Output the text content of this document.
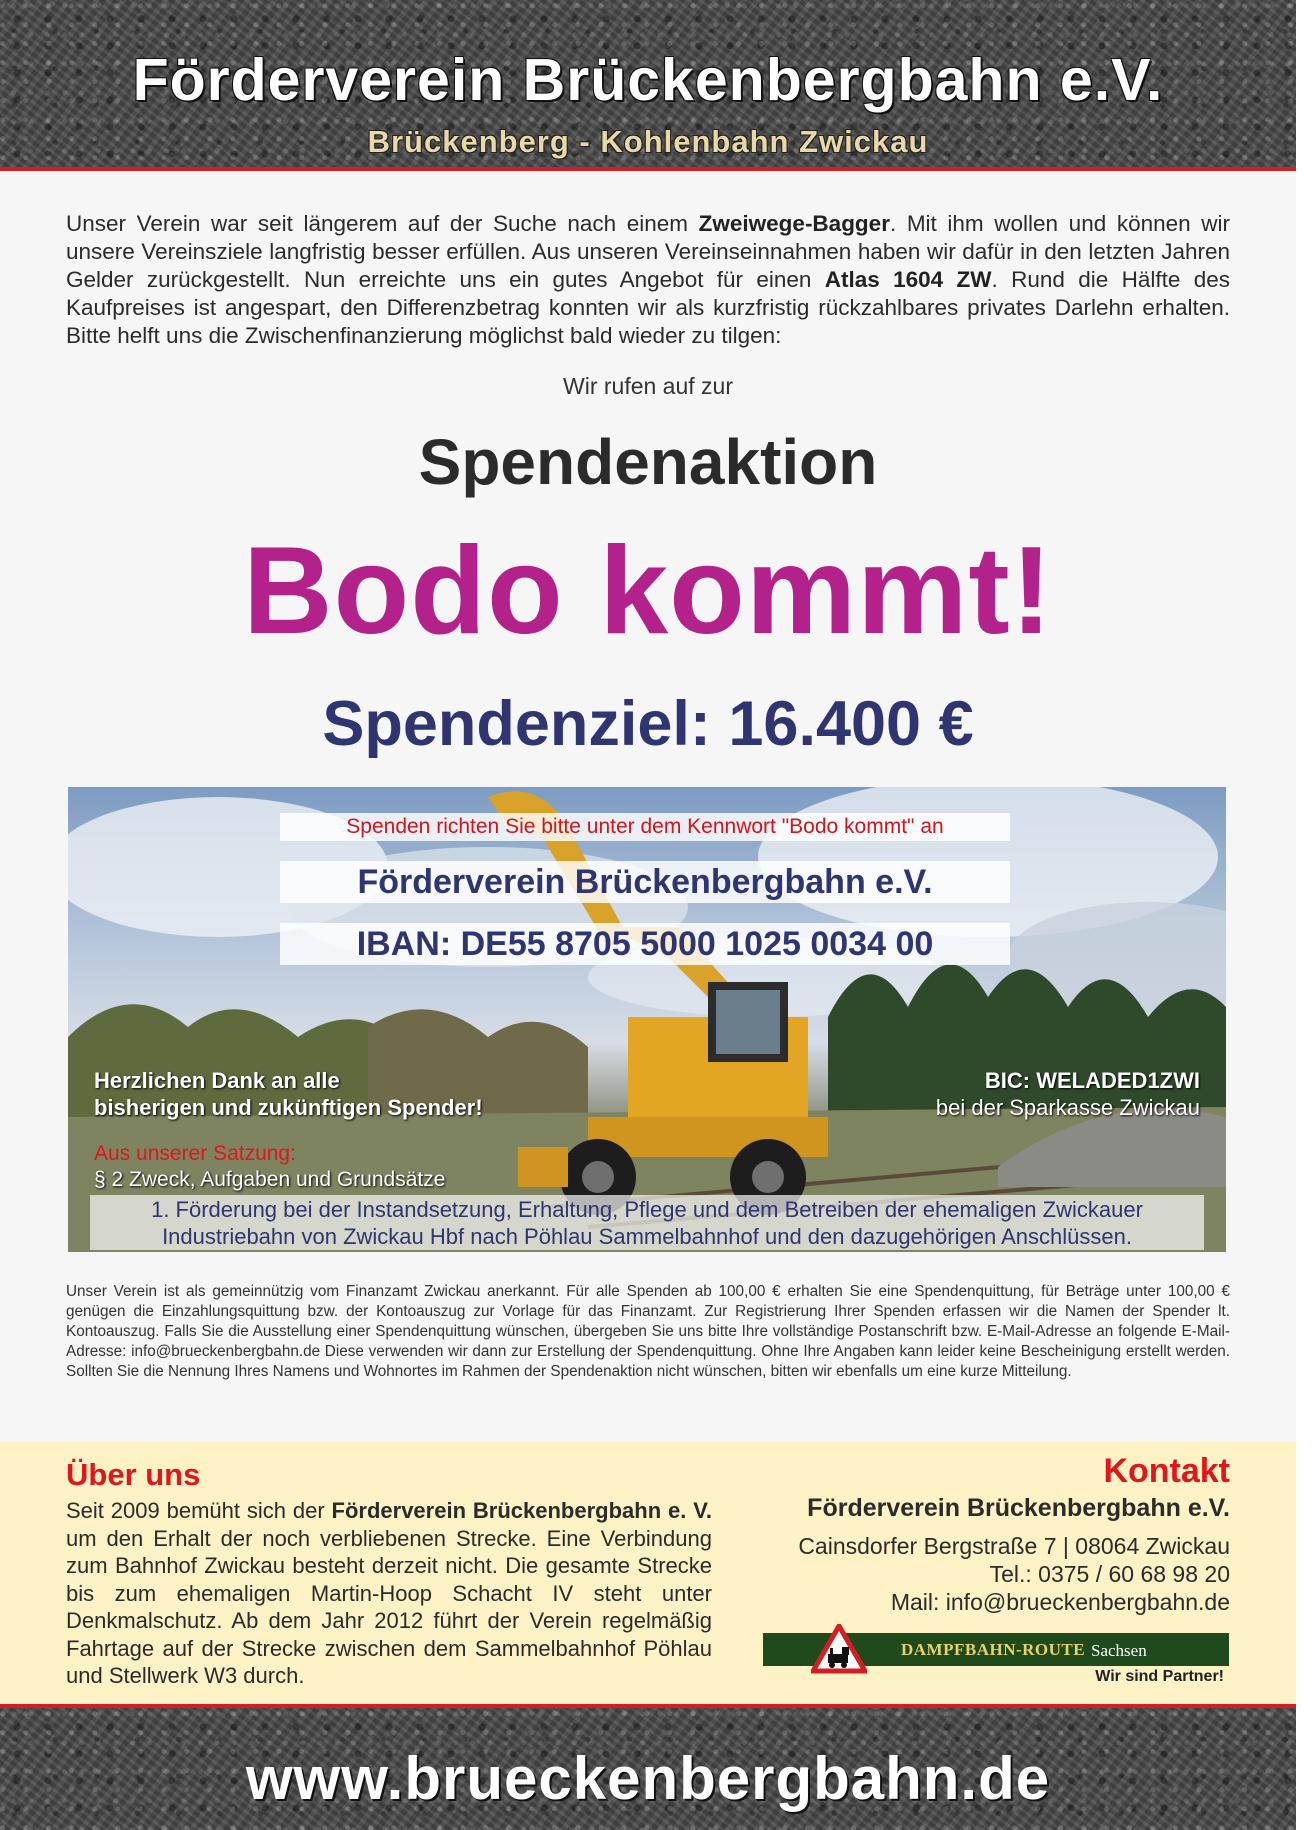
Förderverein Brückenbergbahn e.V.
Brückenberg - Kohlenbahn Zwickau

Unser Verein war seit längerem auf der Suche nach einem Zweiwege-Bagger. Mit ihm wollen und können wir unsere Vereinsziele langfristig besser erfüllen. Aus unseren Vereinseinnahmen haben wir dafür in den letzten Jahren Gelder zurückgestellt. Nun erreichte uns ein gutes Angebot für einen Atlas 1604 ZW. Rund die Hälfte des Kaufpreises ist angespart, den Differenzbetrag konnten wir als kurzfristig rückzahlbares privates Darlehn erhalten. Bitte helft uns die Zwischenfinanzierung möglichst bald wieder zu tilgen:

Wir rufen auf zur
Spendenaktion
Bodo kommt!
Spendenziel: 16.400 €
Spenden richten Sie bitte unter dem Kennwort "Bodo kommt" an
Förderverein Brückenbergbahn e.V.
IBAN: DE55 8705 5000 1025 0034 00
Herzlichen Dank an alle
bisherigen und zukünftigen Spender!
BIC: WELADED1ZWI
bei der Sparkasse Zwickau
Aus unserer Satzung:
§ 2 Zweck, Aufgaben und Grundsätze
1. Förderung bei der Instandsetzung, Erhaltung, Pflege und dem Betreiben der ehemaligen Zwickauer
Industriebahn von Zwickau Hbf nach Pöhlau Sammelbahnhof und den dazugehörigen Anschlüssen.

Unser Verein ist als gemeinnützig vom Finanzamt Zwickau anerkannt. Für alle Spenden ab 100,00 € erhalten Sie eine Spendenquittung, für Beträge unter 100,00 € genügen die Einzahlungsquittung bzw. der Kontoauszug zur Vorlage für das Finanzamt. Zur Registrierung Ihrer Spenden erfassen wir die Namen der Spender lt. Kontoauszug. Falls Sie die Ausstellung einer Spendenquittung wünschen, übergeben Sie uns bitte Ihre vollständige Postanschrift bzw. E-Mail-Adresse an folgende E-Mail-Adresse: info@brueckenbergbahn.de Diese verwenden wir dann zur Erstellung der Spendenquittung. Ohne Ihre Angaben kann leider keine Bescheinigung erstellt werden. Sollten Sie die Nennung Ihres Namens und Wohnortes im Rahmen der Spendenaktion nicht wünschen, bitten wir ebenfalls um eine kurze Mitteilung.

Über uns

Seit 2009 bemüht sich der Förderverein Brückenbergbahn e. V. um den Erhalt der noch verbliebenen Strecke. Eine Verbindung zum Bahnhof Zwickau besteht derzeit nicht. Die gesamte Strecke bis zum ehemaligen Martin-Hoop Schacht IV steht unter Denkmalschutz. Ab dem Jahr 2012 führt der Verein regelmäßig Fahrtage auf der Strecke zwischen dem Sammelbahnhof Pöhlau und Stellwerk W3 durch.

Kontakt
Förderverein Brückenbergbahn e.V.
Cainsdorfer Bergstraße 7 | 08064 Zwickau
Tel.: 0375 / 60 68 98 20
Mail: info@brueckenbergbahn.de
DAMPFBAHN-ROUTE Sachsen
Wir sind Partner!
www.brueckenbergbahn.de
